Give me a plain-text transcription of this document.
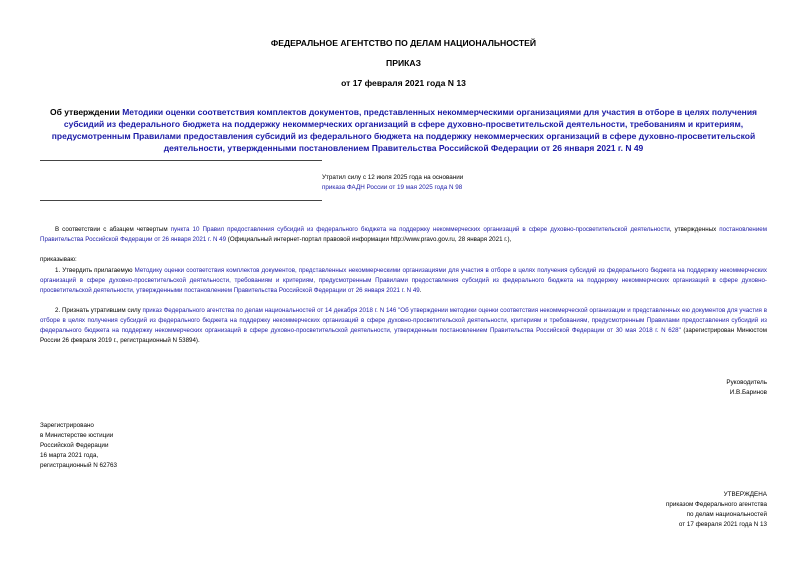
ФЕДЕРАЛЬНОЕ АГЕНТСТВО ПО ДЕЛАМ НАЦИОНАЛЬНОСТЕЙ
ПРИКАЗ
от 17 февраля 2021 года N 13
Об утверждении Методики оценки соответствия комплектов документов, представленных некоммерческими организациями для участия в отборе в целях получения субсидий из федерального бюджета на поддержку некоммерческих организаций в сфере духовно-просветительской деятельности, требованиям и критериям, предусмотренным Правилами предоставления субсидий из федерального бюджета на поддержку некоммерческих организаций в сфере духовно-просветительской деятельности, утвержденными постановлением Правительства Российской Федерации от 26 января 2021 г. N 49
Утратил силу с 12 июля 2025 года на основании
приказа ФАДН России от 19 мая 2025 года N 98
В соответствии с абзацем четвертым пункта 10 Правил предоставления субсидий из федерального бюджета на поддержку некоммерческих организаций в сфере духовно-просветительской деятельности, утвержденных постановлением Правительства Российской Федерации от 26 января 2021 г. N 49 (Официальный интернет-портал правовой информации http://www.pravo.gov.ru, 28 января 2021 г.),
приказываю:
1. Утвердить прилагаемую Методику оценки соответствия комплектов документов, представленных некоммерческими организациями для участия в отборе в целях получения субсидий из федерального бюджета на поддержку некоммерческих организаций в сфере духовно-просветительской деятельности, требованиям и критериям, предусмотренным Правилами предоставления субсидий из федерального бюджета на поддержку некоммерческих организаций в сфере духовно-просветительской деятельности, утвержденными постановлением Правительства Российской Федерации от 26 января 2021 г. N 49.
2. Признать утратившим силу приказ Федерального агентства по делам национальностей от 14 декабря 2018 г. N 146 "Об утверждении методики оценки соответствия некоммерческой организации и представленных ею документов для участия в отборе в целях получения субсидий из федерального бюджета на поддержку некоммерческих организаций в сфере духовно-просветительской деятельности, критериям и требованиям, предусмотренным Правилами предоставления субсидий из федерального бюджета на поддержку некоммерческих организаций в сфере духовно-просветительской деятельности, утвержденным постановлением Правительства Российской Федерации от 30 мая 2018 г. N 628" (зарегистрирован Минюстом России 26 февраля 2019 г., регистрационный N 53894).
Руководитель
И.В.Баринов
Зарегистрировано
в Министерстве юстиции
Российской Федерации
16 марта 2021 года,
регистрационный N 62763
УТВЕРЖДЕНА
приказом Федерального агентства
по делам национальностей
от 17 февраля 2021 года N 13
